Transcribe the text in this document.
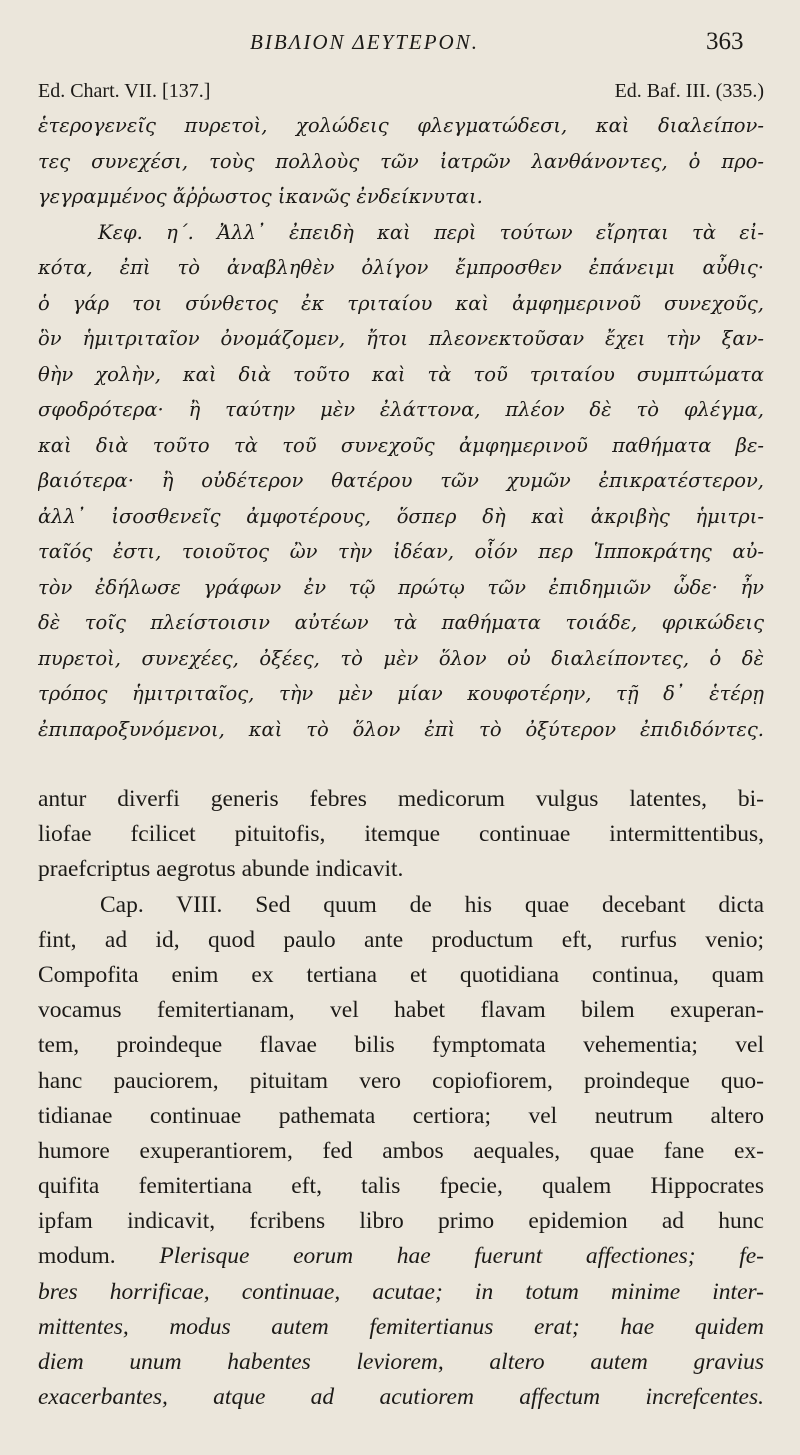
ΒΙΒΛΙΟΝ ΔΕΥΤΕΡΟΝ.	363
Ed. Chart. VII. [137.]	Ed. Baf. III. (335.)
ἑτερογενεῖς πυρετοὶ, χολώδεις φλεγματώδεσι, καὶ διαλείπον-
τες συνεχέσι, τοὺς πολλοὺς τῶν ἰατρῶν λανθάνοντες, ὁ προ-
γεγραμμένος ἄῤῥωστος ἱκανῶς ἐνδείκνυται.
Κεφ. η΄. Ἀλλ᾽ ἐπειδὴ καὶ περὶ τούτων εἴρηται τὰ εἰ-
κότα, ἐπὶ τὸ ἀναβληθὲν ὀλίγον ἔμπροσθεν ἐπάνειμι αὖθις·
ὁ γάρ τοι σύνθετος ἐκ τριταίου καὶ ἀμφημερινοῦ συνεχοῦς,
ὃν ἡμιτριταῖον ὀνομάζομεν, ἤτοι πλεονεκτοῦσαν ἔχει τὴν ξαν-
θὴν χολὴν, καὶ διὰ τοῦτο καὶ τὰ τοῦ τριταίου συμπτώματα
σφοδρότερα· ἢ ταύτην μὲν ἐλάττονα, πλέον δὲ τὸ φλέγμα,
καὶ διὰ τοῦτο τὰ τοῦ συνεχοῦς ἀμφημερινοῦ παθήματα βε-
βαιότερα· ἢ οὐδέτερον θατέρου τῶν χυμῶν ἐπικρατέστερον,
ἀλλ᾽ ἰσοσθενεῖς ἀμφοτέρους, ὅσπερ δὴ καὶ ἀκριβὴς ἡμιτρι-
ταῖός ἐστι, τοιοῦτος ὢν τὴν ἰδέαν, οἷόν περ Ἱπποκράτης αὐ-
τὸν ἐδήλωσε γράφων ἐν τῷ πρώτῳ τῶν ἐπιδημιῶν ὧδε· ἦν
δὲ τοῖς πλείστοισιν αὐτέων τὰ παθήματα τοιάδε, φρικώδεις
πυρετοὶ, συνεχέες, ὀξέες, τὸ μὲν ὅλον οὐ διαλείποντες, ὁ δὲ
τρόπος ἡμιτριταῖος, τὴν μὲν μίαν κουφοτέρην, τῇ δ᾽ ἑτέρῃ
ἐπιπαροξυνόμενοι, καὶ τὸ ὅλον ἐπὶ τὸ ὀξύτερον ἐπιδιδόντες.
antur diverfi generis febres medicorum vulgus latentes, bi-
liofae fcilicet pituitofis, itemque continuae intermittentibus,
praefcriptus aegrotus abunde indicavit.
Cap. VIII. Sed quum de his quae decebant dicta
fint, ad id, quod paulo ante productum eft, rurfus venio;
Compofita enim ex tertiana et quotidiana continua, quam
vocamus femitertianam, vel habet flavam bilem exuperan-
tem, proindeque flavae bilis fymptomata vehementia; vel
hanc pauciorem, pituitam vero copiofiorem, proindeque quo-
tidianae continuae pathemata certiora; vel neutrum altero
humore exuperantiorem, fed ambos aequales, quae fane ex-
quifita femitertiana eft, talis fpecie, qualem Hippocrates
ipfam indicavit, fcribens libro primo epidemion ad hunc
modum. Plerisque eorum hae fuerunt affectiones; fe-
bres horrificae, continuae, acutae; in totum minime inter-
mittentes, modus autem femitertianus erat; hae quidem
diem unum habentes leviorem, altero autem gravius
exacerbantes, atque ad acutiorem affectum increfcentes.
